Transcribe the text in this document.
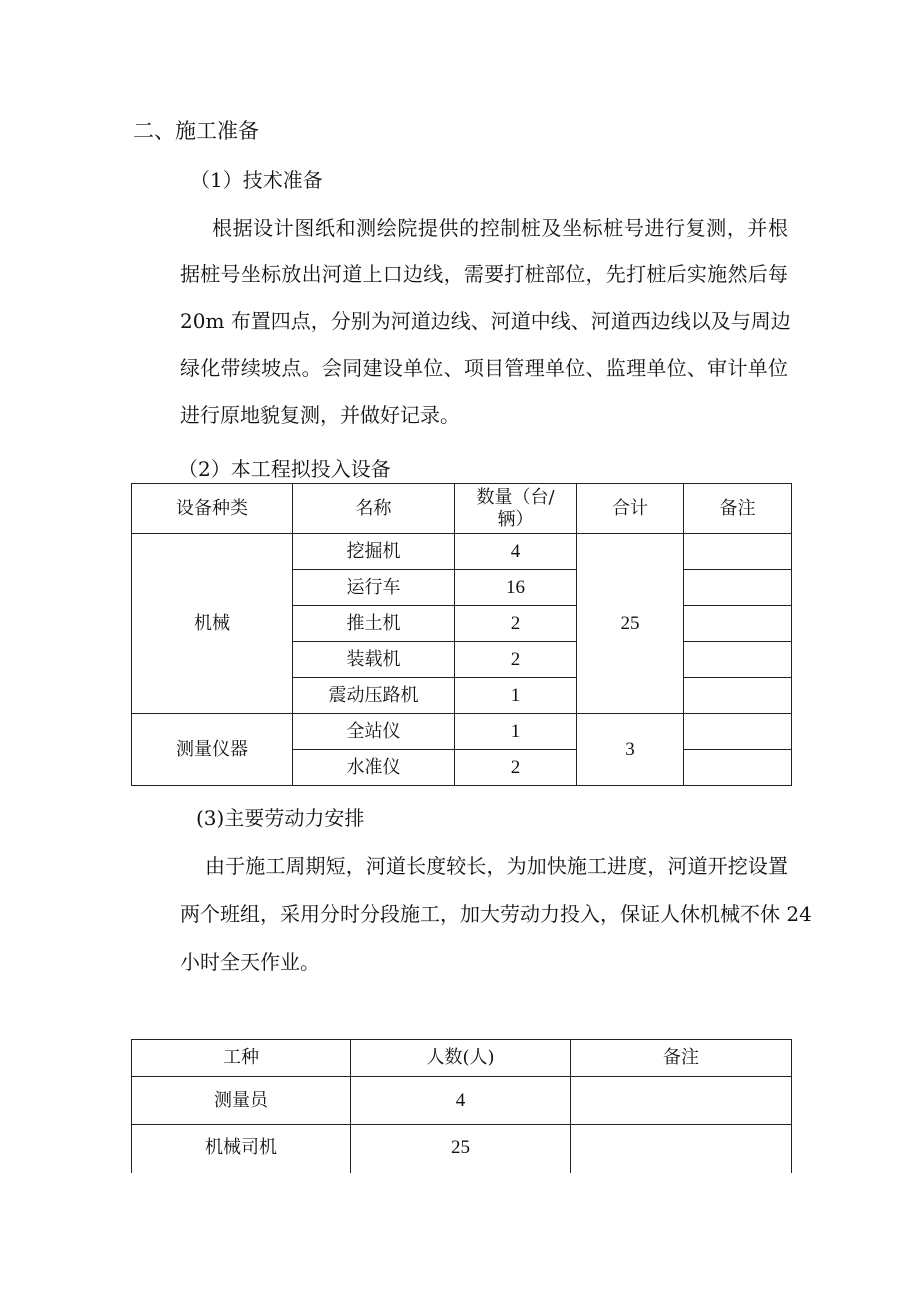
二、施工准备
（1）技术准备
根据设计图纸和测绘院提供的控制桩及坐标桩号进行复测，并根
据桩号坐标放出河道上口边线，需要打桩部位，先打桩后实施然后每
20m 布置四点，分别为河道边线、河道中线、河道西边线以及与周边
绿化带续坡点。会同建设单位、项目管理单位、监理单位、审计单位
进行原地貌复测，并做好记录。
（2）本工程拟投入设备
设备种类	名称	数量（台/辆）	合计	备注
机械	挖掘机	4	25	
	运行车	16		
	推土机	2		
	装载机	2		
	震动压路机	1		
测量仪器	全站仪	1	3	
	水准仪	2		
(3)主要劳动力安排
由于施工周期短，河道长度较长，为加快施工进度，河道开挖设置
两个班组，采用分时分段施工，加大劳动力投入，保证人休机械不休 24
小时全天作业。
工种	人数(人)	备注
测量员	4	
机械司机	25	
